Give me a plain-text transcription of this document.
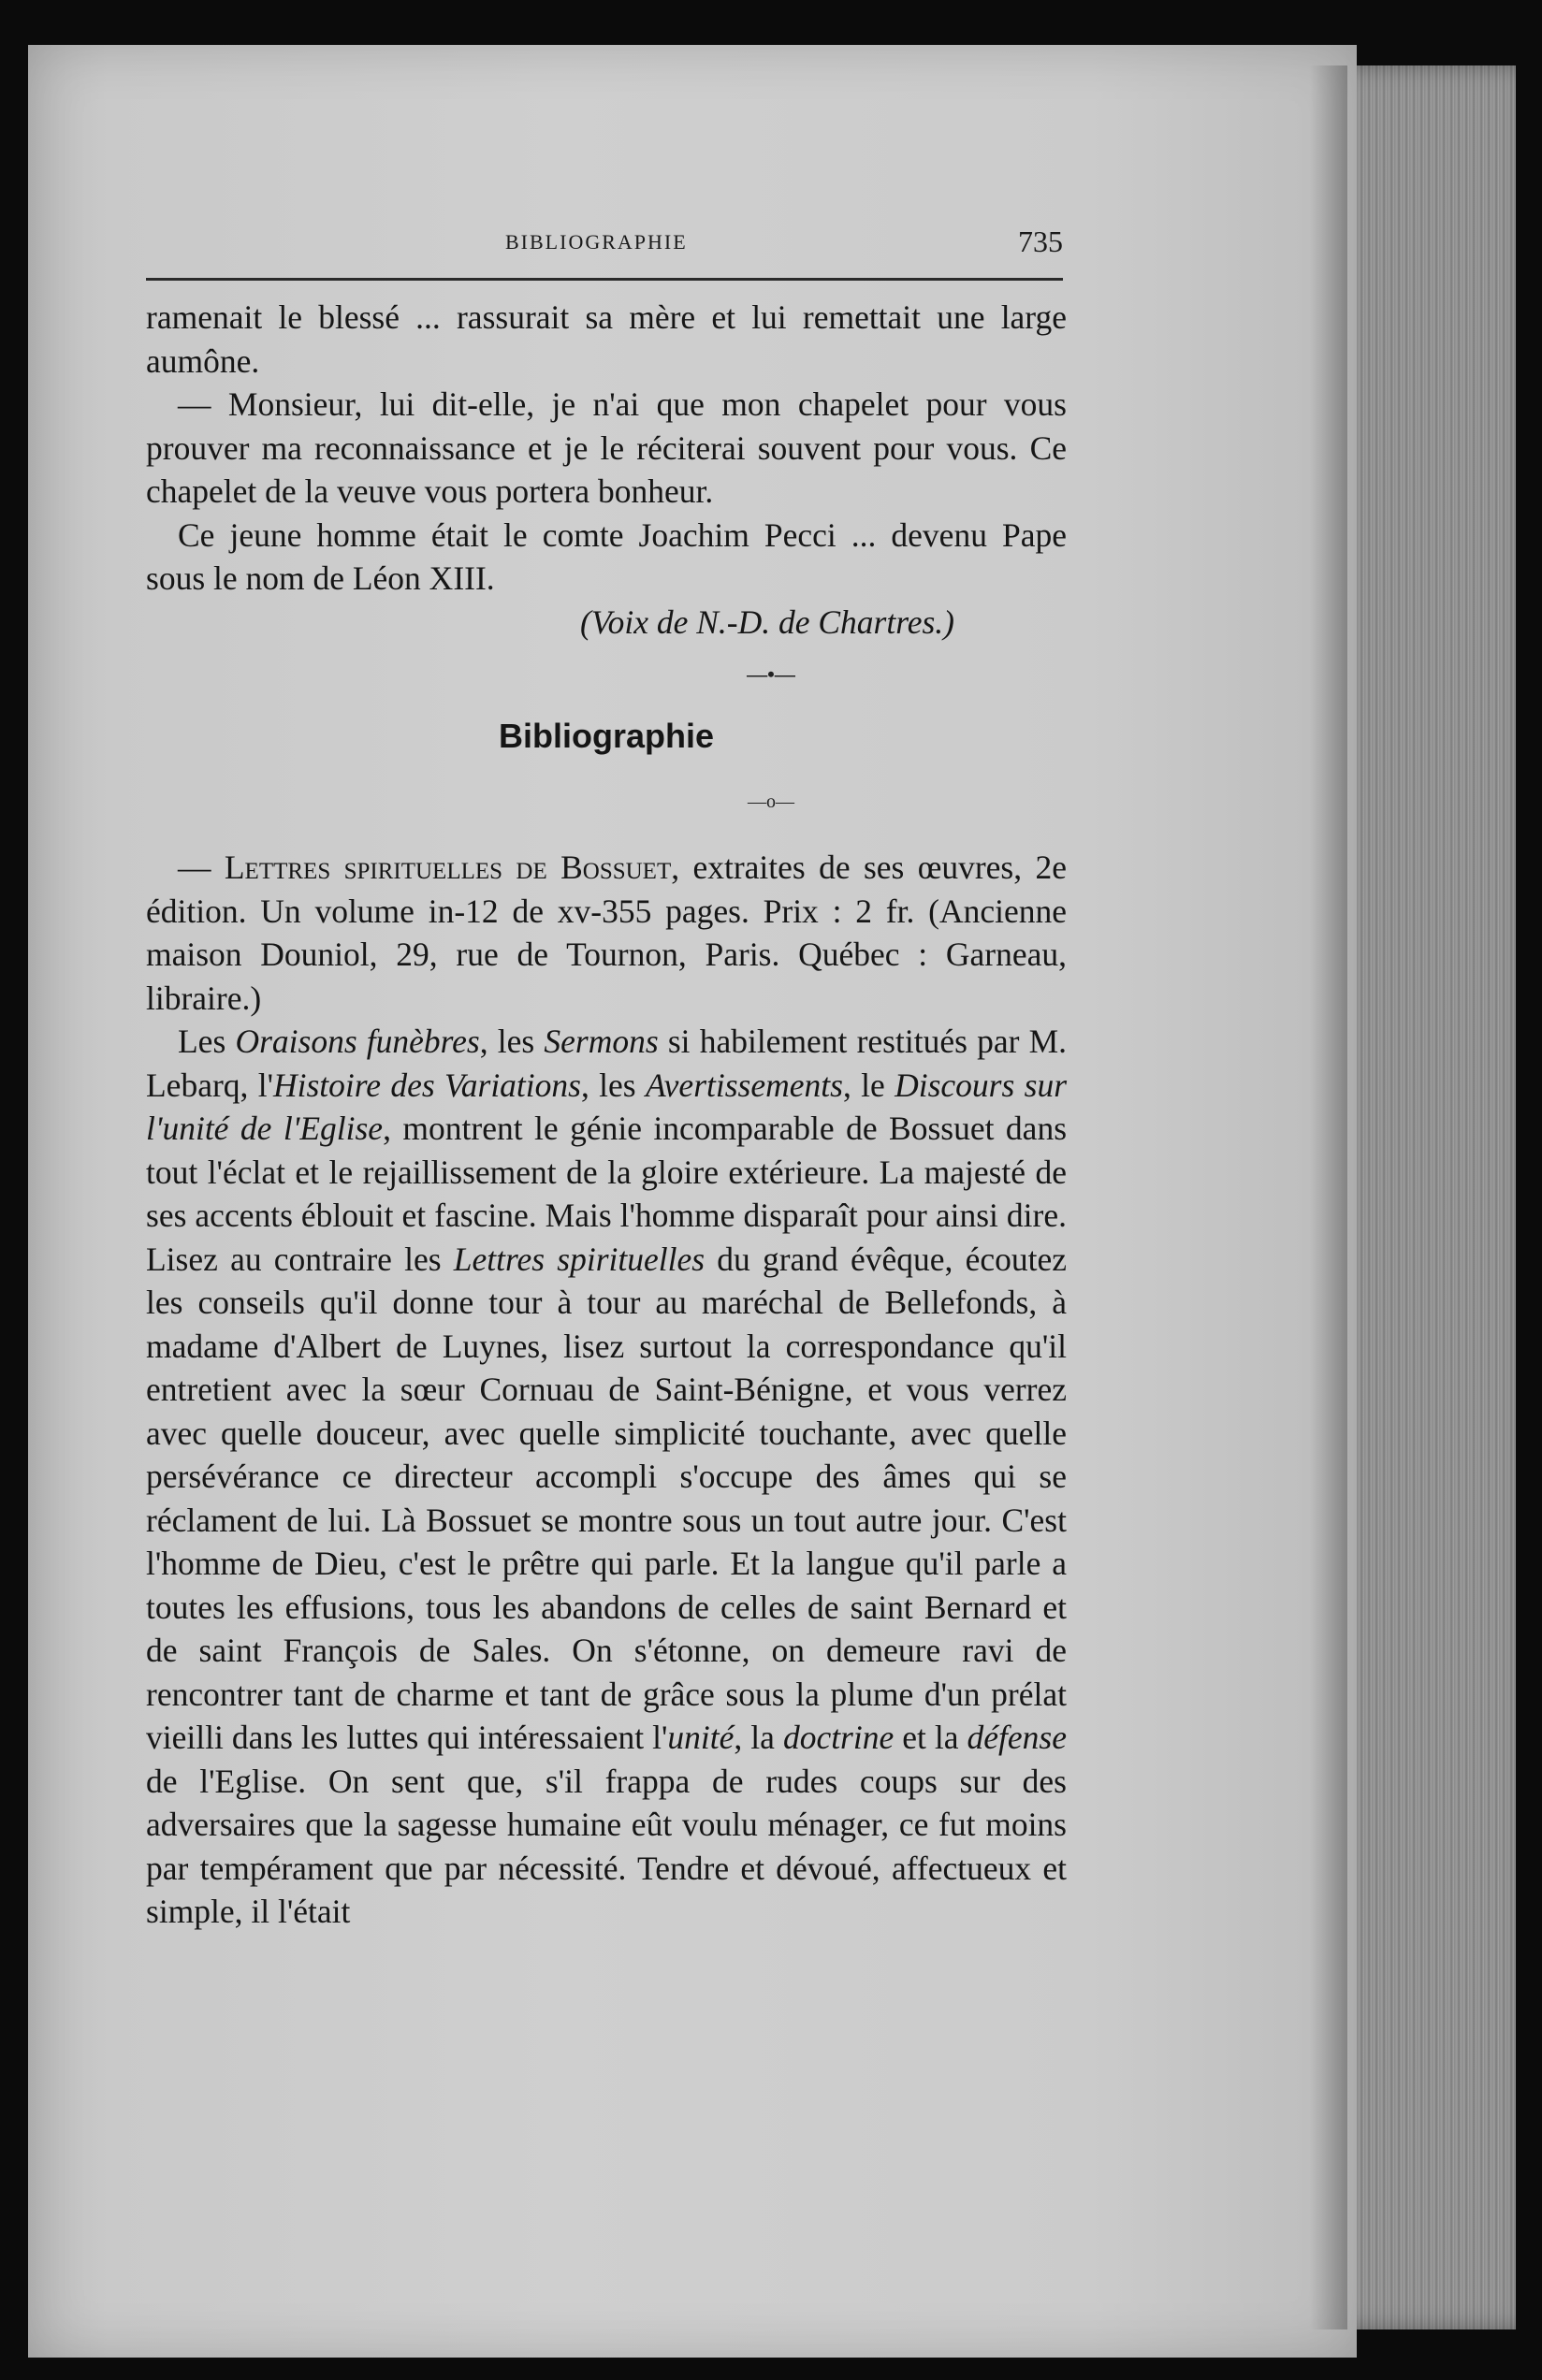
BIBLIOGRAPHIE	735

ramenait le blessé ... rassurait sa mère et lui remettait une large aumône.

— Monsieur, lui dit-elle, je n'ai que mon chapelet pour vous prouver ma reconnaissance et je le réciterai souvent pour vous. Ce chapelet de la veuve vous portera bonheur.

Ce jeune homme était le comte Joachim Pecci ... devenu Pape sous le nom de Léon XIII.

(Voix de N.-D. de Chartres.)

—•—
Bibliographie
—o—

— Lettres spirituelles de Bossuet, extraites de ses œuvres, 2e édition. Un volume in-12 de xv-355 pages. Prix : 2 fr. (Ancienne maison Douniol, 29, rue de Tournon, Paris. Québec : Garneau, libraire.)

Les Oraisons funèbres, les Sermons si habilement restitués par M. Lebarq, l'Histoire des Variations, les Avertissements, le Discours sur l'unité de l'Eglise, montrent le génie incomparable de Bossuet dans tout l'éclat et le rejaillissement de la gloire extérieure. La majesté de ses accents éblouit et fascine. Mais l'homme disparaît pour ainsi dire. Lisez au contraire les Lettres spirituelles du grand évêque, écoutez les conseils qu'il donne tour à tour au maréchal de Bellefonds, à madame d'Albert de Luynes, lisez surtout la correspondance qu'il entretient avec la sœur Cornuau de Saint-Bénigne, et vous verrez avec quelle douceur, avec quelle simplicité touchante, avec quelle persévérance ce directeur accompli s'occupe des âmes qui se réclament de lui. Là Bossuet se montre sous un tout autre jour. C'est l'homme de Dieu, c'est le prêtre qui parle. Et la langue qu'il parle a toutes les effusions, tous les abandons de celles de saint Bernard et de saint François de Sales. On s'étonne, on demeure ravi de rencontrer tant de charme et tant de grâce sous la plume d'un prélat vieilli dans les luttes qui intéressaient l'unité, la doctrine et la défense de l'Eglise. On sent que, s'il frappa de rudes coups sur des adversaires que la sagesse humaine eût voulu ménager, ce fut moins par tempérament que par nécessité. Tendre et dévoué, affectueux et simple, il l'était
